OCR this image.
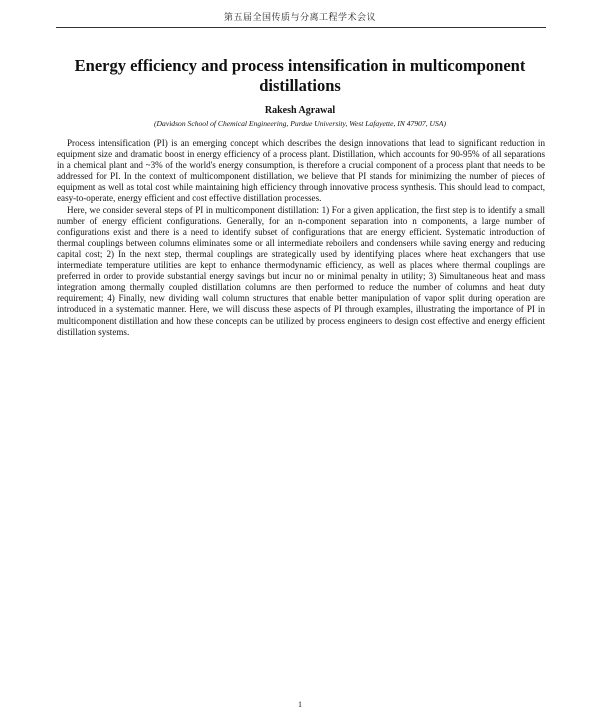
第五届全国传质与分离工程学术会议
Energy efficiency and process intensification in multicomponent distillations
Rakesh Agrawal
(Davidson School of Chemical Engineering, Purdue University, West Lafayette, IN 47907, USA)

Process intensification (PI) is an emerging concept which describes the design innovations that lead to significant reduction in equipment size and dramatic boost in energy efficiency of a process plant. Distillation, which accounts for 90-95% of all separations in a chemical plant and ~3% of the world's energy consumption, is therefore a crucial component of a process plant that needs to be addressed for PI. In the context of multicomponent distillation, we believe that PI stands for minimizing the number of pieces of equipment as well as total cost while maintaining high efficiency through innovative process synthesis. This should lead to compact, easy-to-operate, energy efficient and cost effective distillation processes.

Here, we consider several steps of PI in multicomponent distillation: 1) For a given application, the first step is to identify a small number of energy efficient configurations. Generally, for an n-component separation into n components, a large number of configurations exist and there is a need to identify subset of configurations that are energy efficient. Systematic introduction of thermal couplings between columns eliminates some or all intermediate reboilers and condensers while saving energy and reducing capital cost; 2) In the next step, thermal couplings are strategically used by identifying places where heat exchangers that use intermediate temperature utilities are kept to enhance thermodynamic efficiency, as well as places where thermal couplings are preferred in order to provide substantial energy savings but incur no or minimal penalty in utility; 3) Simultaneous heat and mass integration among thermally coupled distillation columns are then performed to reduce the number of columns and heat duty requirement; 4) Finally, new dividing wall column structures that enable better manipulation of vapor split during operation are introduced in a systematic manner. Here, we will discuss these aspects of PI through examples, illustrating the importance of PI in multicomponent distillation and how these concepts can be utilized by process engineers to design cost effective and energy efficient distillation systems.

1
